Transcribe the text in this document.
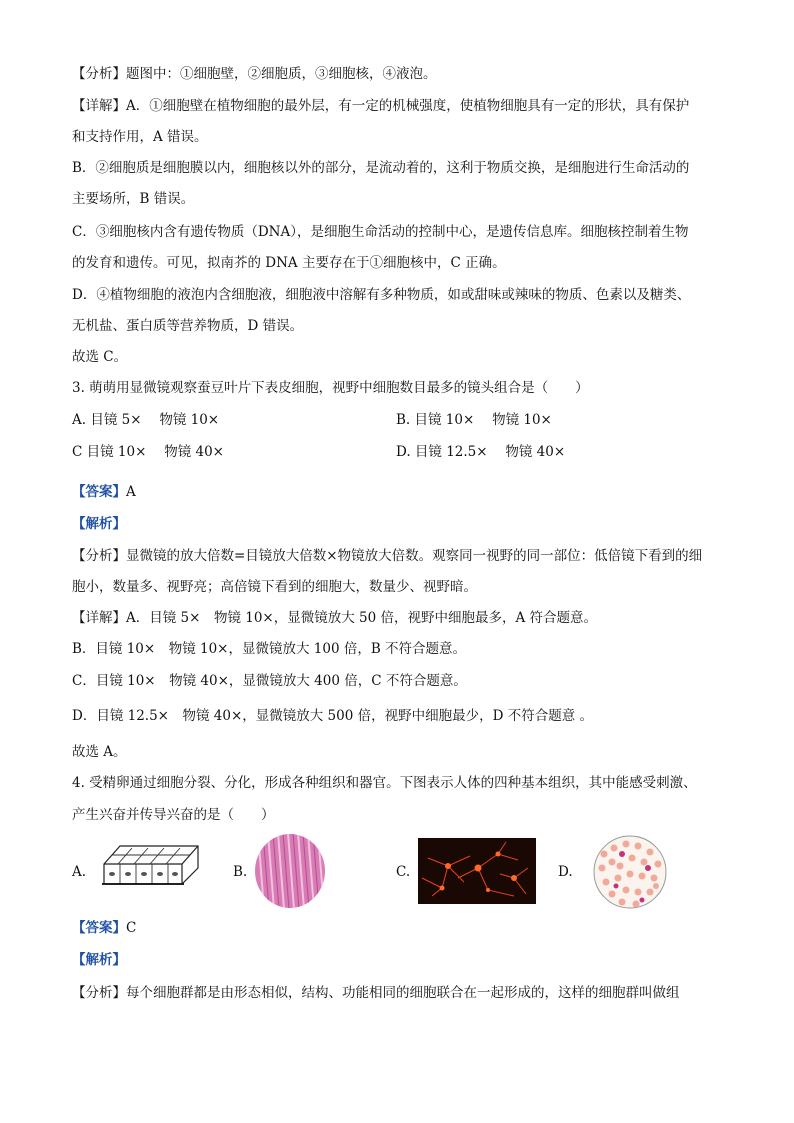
【分析】题图中：①细胞壁，②细胞质，③细胞核，④液泡。
【详解】A．①细胞壁在植物细胞的最外层，有一定的机械强度，使植物细胞具有一定的形状，具有保护
和支持作用，A 错误。
B．②细胞质是细胞膜以内，细胞核以外的部分，是流动着的，这利于物质交换，是细胞进行生命活动的
主要场所，B 错误。
C．③细胞核内含有遗传物质（DNA），是细胞生命活动的控制中心，是遗传信息库。细胞核控制着生物
的发育和遗传。可见，拟南芥的 DNA 主要存在于①细胞核中，C 正确。
D．④植物细胞的液泡内含细胞液，细胞液中溶解有多种物质，如或甜味或辣味的物质、色素以及糖类、
无机盐、蛋白质等营养物质，D 错误。
故选 C。
3. 萌萌用显微镜观察蚕豆叶片下表皮细胞，视野中细胞数目最多的镜头组合是（　　）
A. 目镜 5×　 物镜 10×	B. 目镜 10×　 物镜 10×
C 目镜 10×　 物镜 40×	D. 目镜 12.5×　 物镜 40×
【答案】A
【解析】
【分析】显微镜的放大倍数=目镜放大倍数×物镜放大倍数。观察同一视野的同一部位：低倍镜下看到的细
胞小，数量多、视野亮；高倍镜下看到的细胞大，数量少、视野暗。
【详解】A．目镜 5×　物镜 10×，显微镜放大 50 倍，视野中细胞最多，A 符合题意。
B．目镜 10×　物镜 10×，显微镜放大 100 倍，B 不符合题意。
C．目镜 10×　物镜 40×，显微镜放大 400 倍，C 不符合题意。
D．目镜 12.5×　物镜 40×，显微镜放大 500 倍，视野中细胞最少，D 不符合题意 。
故选 A。
4. 受精卵通过细胞分裂、分化，形成各种组织和器官。下图表示人体的四种基本组织，其中能感受刺激、
产生兴奋并传导兴奋的是（　　）
A.	B.	C.	D.
【答案】C
【解析】
【分析】每个细胞群都是由形态相似，结构、功能相同的细胞联合在一起形成的，这样的细胞群叫做组
